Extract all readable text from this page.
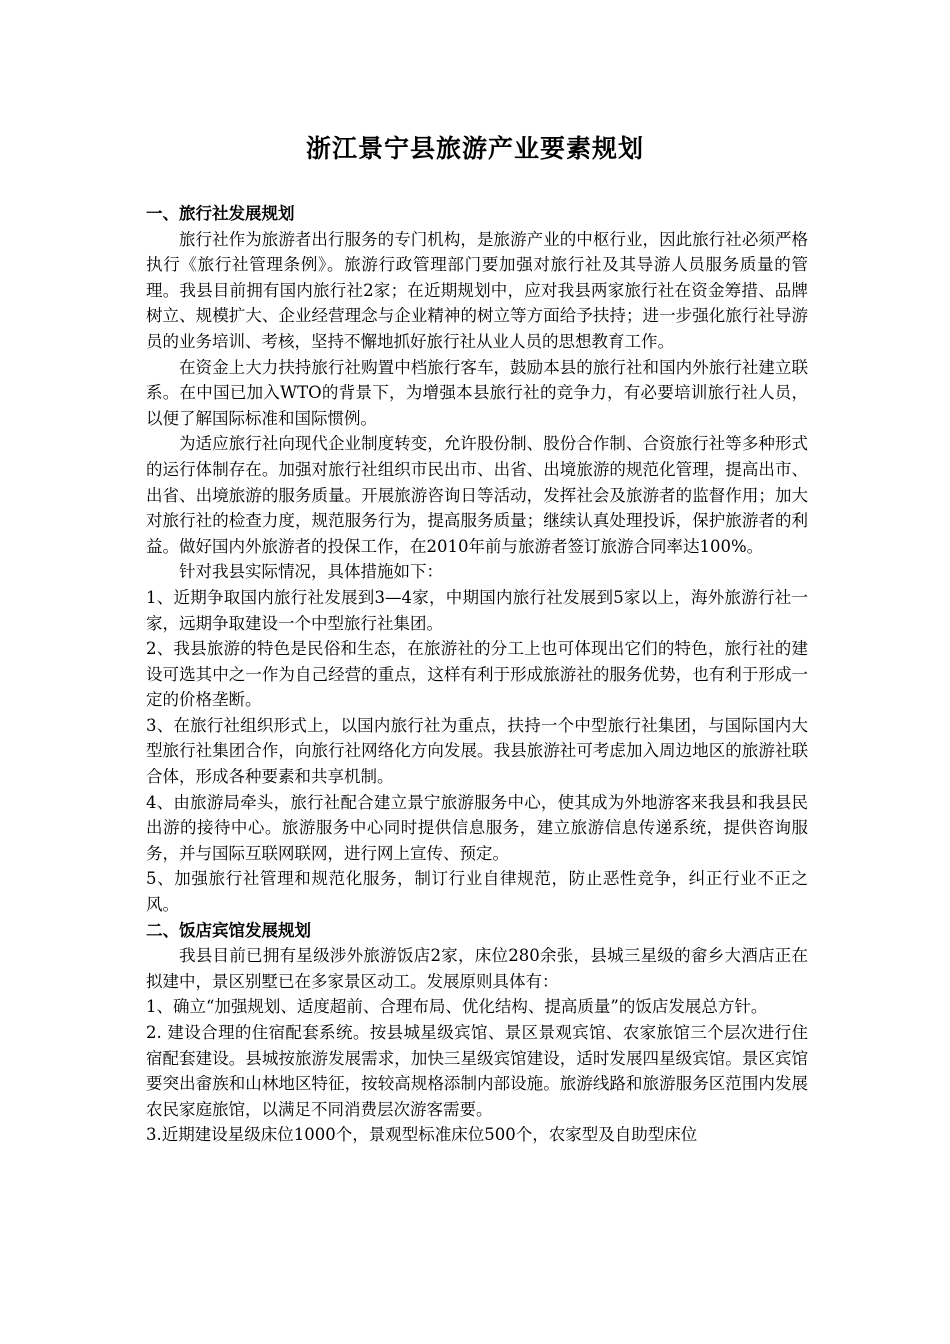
浙江景宁县旅游产业要素规划
一、旅行社发展规划

旅行社作为旅游者出行服务的专门机构，是旅游产业的中枢行业，因此旅行社必须严格执行《旅行社管理条例》。旅游行政管理部门要加强对旅行社及其导游人员服务质量的管理。我县目前拥有国内旅行社2家；在近期规划中，应对我县两家旅行社在资金筹措、品牌树立、规模扩大、企业经营理念与企业精神的树立等方面给予扶持；进一步强化旅行社导游员的业务培训、考核，坚持不懈地抓好旅行社从业人员的思想教育工作。

在资金上大力扶持旅行社购置中档旅行客车，鼓励本县的旅行社和国内外旅行社建立联系。在中国已加入WTO的背景下，为增强本县旅行社的竞争力，有必要培训旅行社人员，以便了解国际标准和国际惯例。

为适应旅行社向现代企业制度转变，允许股份制、股份合作制、合资旅行社等多种形式的运行体制存在。加强对旅行社组织市民出市、出省、出境旅游的规范化管理，提高出市、出省、出境旅游的服务质量。开展旅游咨询日等活动，发挥社会及旅游者的监督作用；加大对旅行社的检查力度，规范服务行为，提高服务质量；继续认真处理投诉，保护旅游者的利益。做好国内外旅游者的投保工作，在2010年前与旅游者签订旅游合同率达100%。

针对我县实际情况，具体措施如下：

1、近期争取国内旅行社发展到3—4家，中期国内旅行社发展到5家以上，海外旅游行社一家，远期争取建设一个中型旅行社集团。

2、我县旅游的特色是民俗和生态，在旅游社的分工上也可体现出它们的特色，旅行社的建设可选其中之一作为自己经营的重点，这样有利于形成旅游社的服务优势，也有利于形成一定的价格垄断。

3、在旅行社组织形式上，以国内旅行社为重点，扶持一个中型旅行社集团，与国际国内大型旅行社集团合作，向旅行社网络化方向发展。我县旅游社可考虑加入周边地区的旅游社联合体，形成各种要素和共享机制。

4、由旅游局牵头，旅行社配合建立景宁旅游服务中心，使其成为外地游客来我县和我县民出游的接待中心。旅游服务中心同时提供信息服务，建立旅游信息传递系统，提供咨询服务，并与国际互联网联网，进行网上宣传、预定。

5、加强旅行社管理和规范化服务，制订行业自律规范，防止恶性竞争，纠正行业不正之风。

二、饭店宾馆发展规划

我县目前已拥有星级涉外旅游饭店2家，床位280余张，县城三星级的畲乡大酒店正在拟建中，景区别墅已在多家景区动工。发展原则具体有：

1、确立“加强规划、适度超前、合理布局、优化结构、提高质量”的饭店发展总方针。

2. 建设合理的住宿配套系统。按县城星级宾馆、景区景观宾馆、农家旅馆三个层次进行住宿配套建设。县城按旅游发展需求，加快三星级宾馆建设，适时发展四星级宾馆。景区宾馆要突出畲族和山林地区特征，按较高规格添制内部设施。旅游线路和旅游服务区范围内发展农民家庭旅馆，以满足不同消费层次游客需要。

3.近期建设星级床位1000个，景观型标准床位500个，农家型及自助型床位
